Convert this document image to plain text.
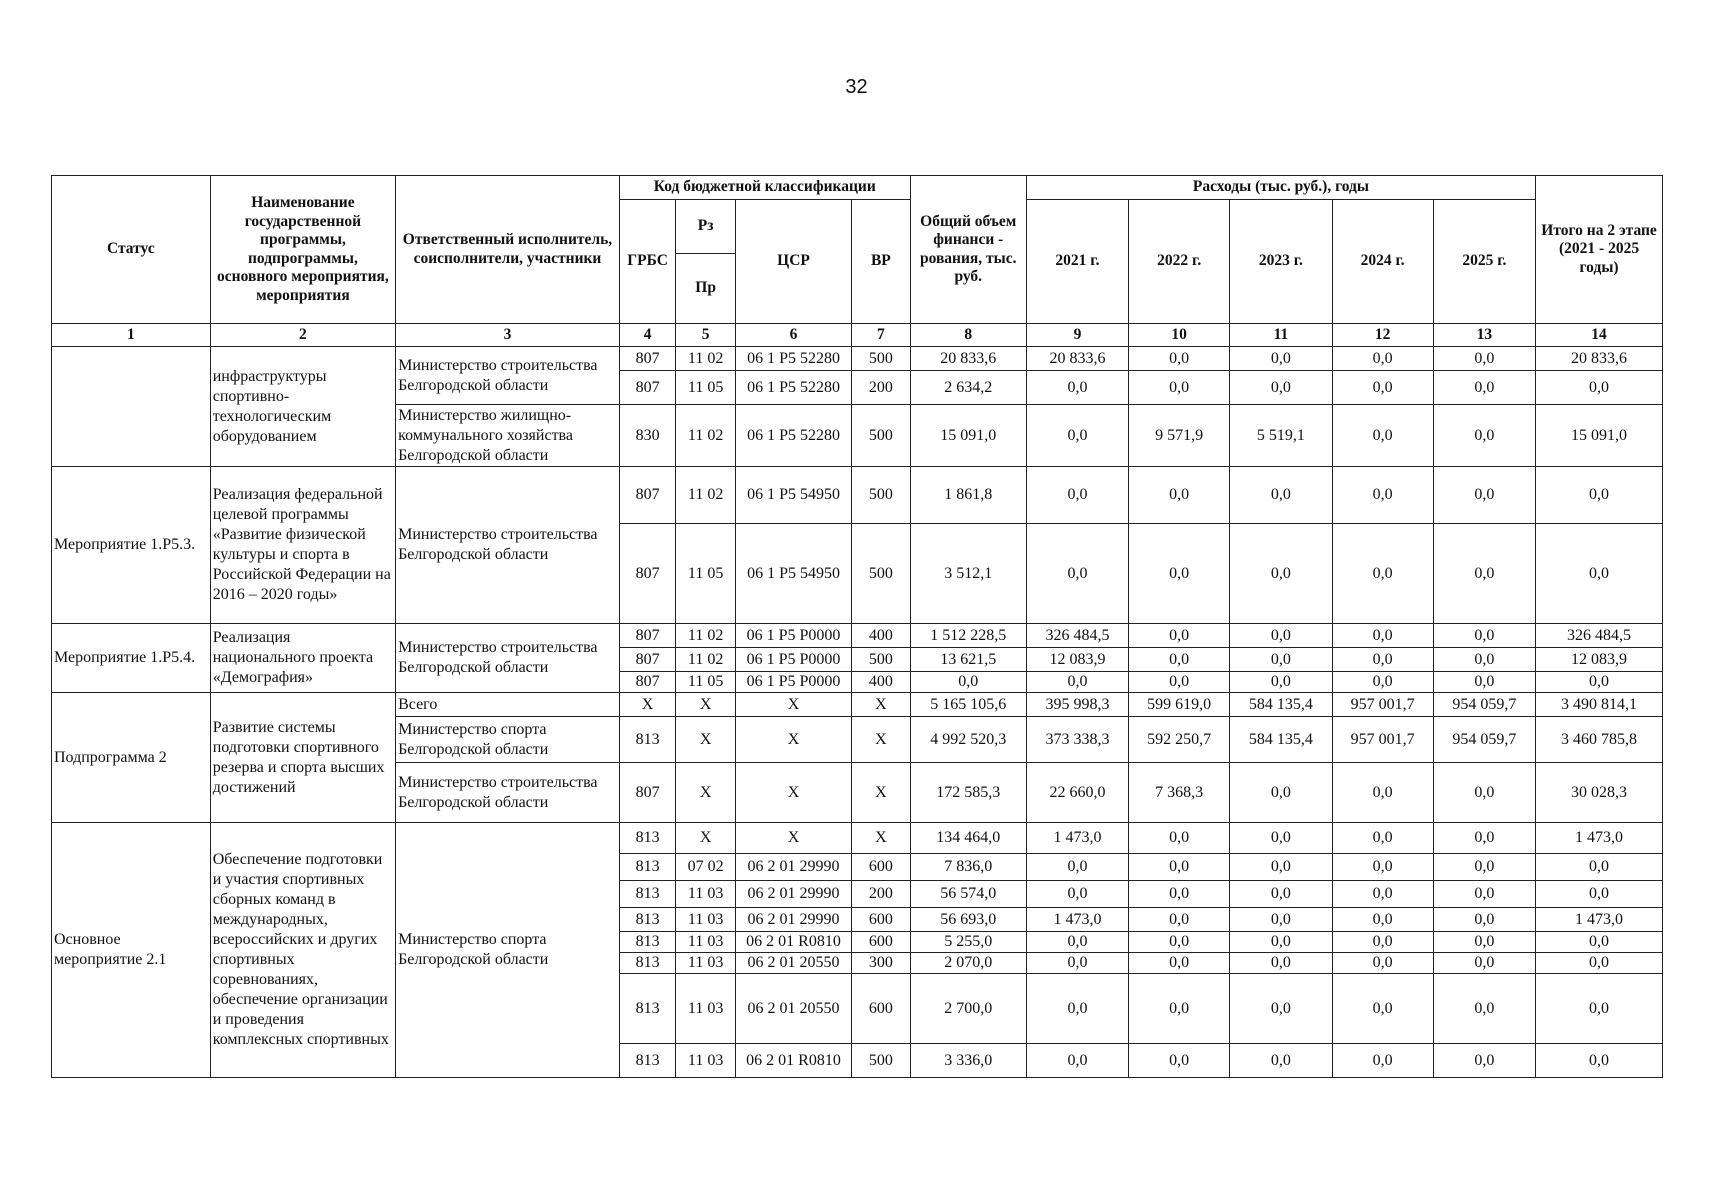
32
Статус	Наименование государственной программы, подпрограммы, основного мероприятия, мероприятия	Ответственный исполнитель, соисполнители, участники	Код бюджетной классификации				Общий объем финанси - рования, тыс. руб.	Расходы (тыс. руб.), годы					Итого на 2 этапе (2021 - 2025 годы)
			ГРБС	Рз	ЦСР	ВР		2021 г.	2022 г.	2023 г.	2024 г.	2025 г.	
				Пр									
1	2	3	4	5	6	7	8	9	10	11	12	13	14
	инфраструктуры спортивно-технологическим оборудованием	Министерство строительства Белгородской области	807	11 02	06 1 P5 52280	500	20 833,6	20 833,6	0,0	0,0	0,0	0,0	20 833,6
			807	11 05	06 1 P5 52280	200	2 634,2	0,0	0,0	0,0	0,0	0,0	0,0
		Министерство жилищно-коммунального хозяйства Белгородской области	830	11 02	06 1 P5 52280	500	15 091,0	0,0	9 571,9	5 519,1	0,0	0,0	15 091,0
Мероприятие 1.P5.3.	Реализация федеральной целевой программы «Развитие физической культуры и спорта в Российской Федерации на 2016 – 2020 годы»	Министерство строительства Белгородской области	807	11 02	06 1 P5 54950	500	1 861,8	0,0	0,0	0,0	0,0	0,0	0,0
			807	11 05	06 1 P5 54950	500	3 512,1	0,0	0,0	0,0	0,0	0,0	0,0
Мероприятие 1.P5.4.	Реализация национального проекта «Демография»	Министерство строительства Белгородской области	807	11 02	06 1 P5 P0000	400	1 512 228,5	326 484,5	0,0	0,0	0,0	0,0	326 484,5
			807	11 02	06 1 P5 P0000	500	13 621,5	12 083,9	0,0	0,0	0,0	0,0	12 083,9
			807	11 05	06 1 P5 P0000	400	0,0	0,0	0,0	0,0	0,0	0,0	0,0
Подпрограмма 2	Развитие системы подготовки спортивного резерва и спорта высших достижений	Всего	X	X	X	X	5 165 105,6	395 998,3	599 619,0	584 135,4	957 001,7	954 059,7	3 490 814,1
		Министерство спорта Белгородской области	813	X	X	X	4 992 520,3	373 338,3	592 250,7	584 135,4	957 001,7	954 059,7	3 460 785,8
		Министерство строительства Белгородской области	807	X	X	X	172 585,3	22 660,0	7 368,3	0,0	0,0	0,0	30 028,3
Основное мероприятие 2.1	Обеспечение подготовки и участия спортивных сборных команд в международных, всероссийских и других спортивных соревнованиях, обеспечение организации и проведения комплексных спортивных	Министерство спорта Белгородской области	813	X	X	X	134 464,0	1 473,0	0,0	0,0	0,0	0,0	1 473,0
			813	07 02	06 2 01 29990	600	7 836,0	0,0	0,0	0,0	0,0	0,0	0,0
			813	11 03	06 2 01 29990	200	56 574,0	0,0	0,0	0,0	0,0	0,0	0,0
			813	11 03	06 2 01 29990	600	56 693,0	1 473,0	0,0	0,0	0,0	0,0	1 473,0
			813	11 03	06 2 01 R0810	600	5 255,0	0,0	0,0	0,0	0,0	0,0	0,0
			813	11 03	06 2 01 20550	300	2 070,0	0,0	0,0	0,0	0,0	0,0	0,0
			813	11 03	06 2 01 20550	600	2 700,0	0,0	0,0	0,0	0,0	0,0	0,0
			813	11 03	06 2 01 R0810	500	3 336,0	0,0	0,0	0,0	0,0	0,0	0,0
